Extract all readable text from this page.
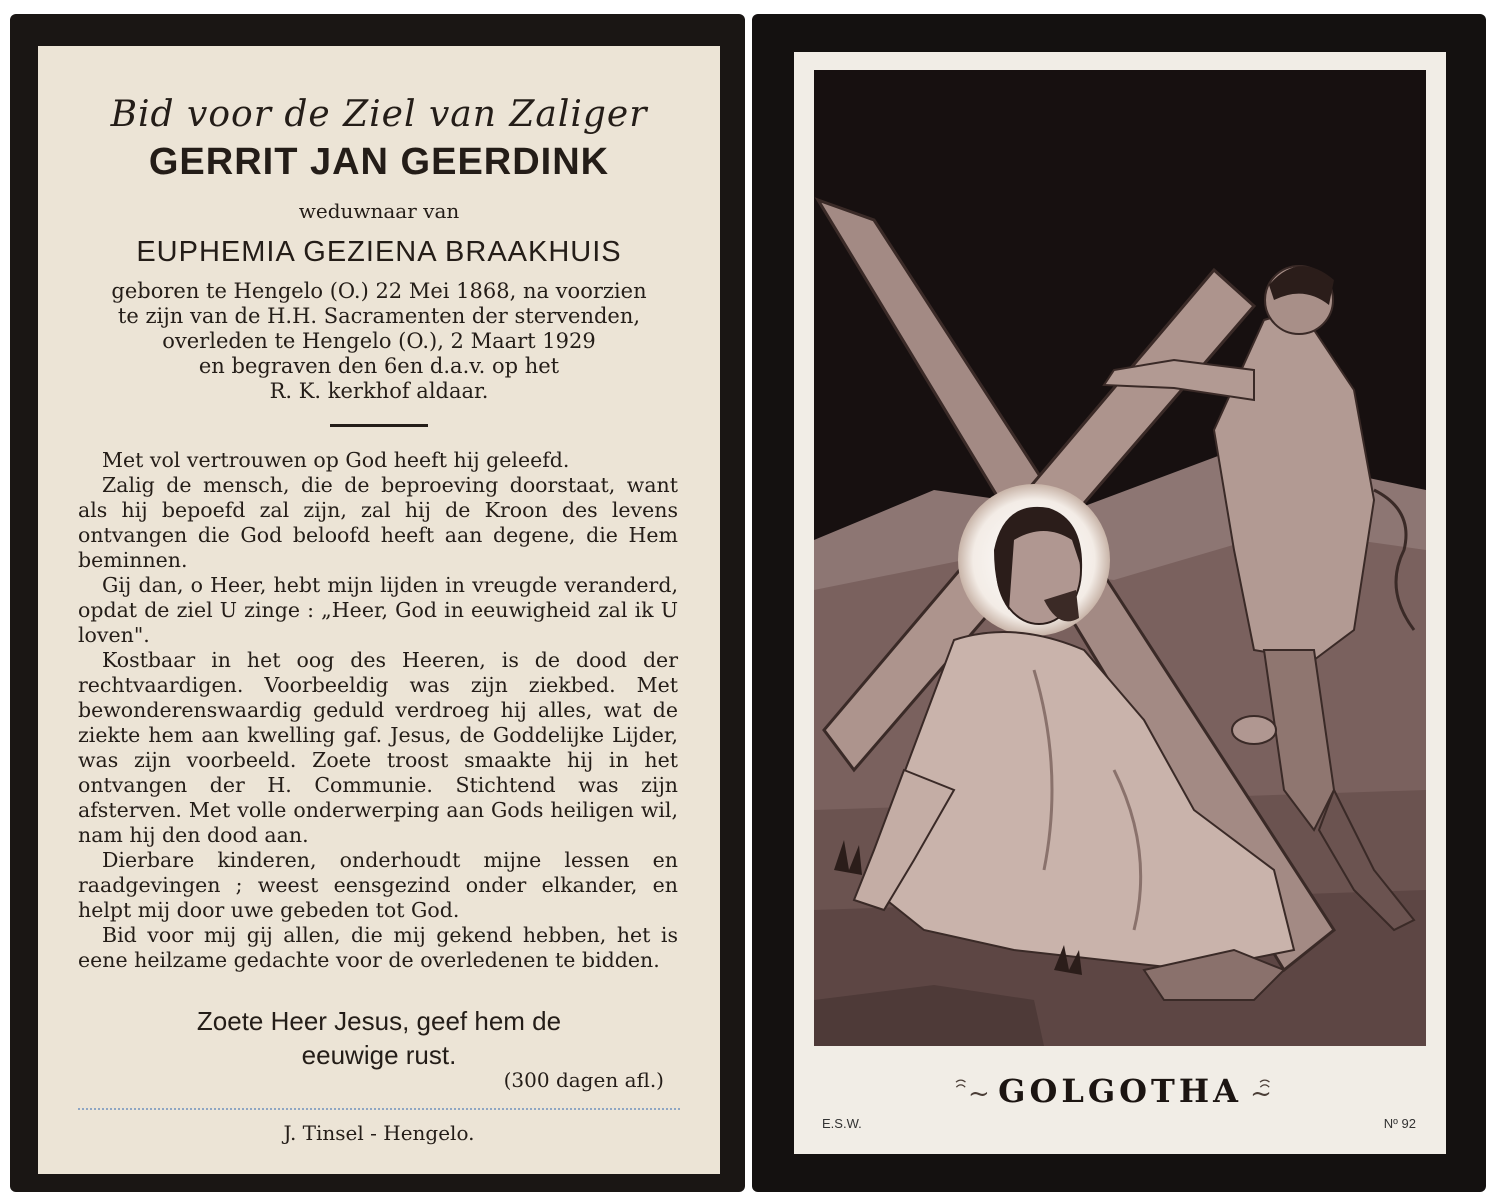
Bid voor de Ziel van Zaliger
GERRIT JAN GEERDINK
weduwnaar van
EUPHEMIA GEZIENA BRAAKHUIS
geboren te Hengelo (O.) 22 Mei 1868, na voorzien
te zijn van de H.H. Sacramenten der stervenden,
overleden te Hengelo (O.), 2 Maart 1929
en begraven den 6en d.a.v. op het
R. K. kerkhof aldaar.

Met vol vertrouwen op God heeft hij geleefd.

Zalig de mensch, die de beproeving doorstaat, want als hij bepoefd zal zijn, zal hij de Kroon des levens ontvangen die God beloofd heeft aan degene, die Hem beminnen.

Gij dan, o Heer, hebt mijn lijden in vreugde veranderd, opdat de ziel U zinge : „Heer, God in eeuwigheid zal ik U loven".

Kostbaar in het oog des Heeren, is de dood der rechtvaardigen. Voorbeeldig was zijn ziekbed. Met bewonderenswaardig geduld verdroeg hij alles, wat de ziekte hem aan kwelling gaf. Jesus, de Goddelijke Lijder, was zijn voorbeeld. Zoete troost smaakte hij in het ontvangen der H. Communie. Stichtend was zijn afsterven. Met volle onderwerping aan Gods heiligen wil, nam hij den dood aan.

Dierbare kinderen, onderhoudt mijne lessen en raadgevingen ; weest eensgezind onder elkander, en helpt mij door uwe gebeden tot God.

Bid voor mij gij allen, die mij gekend hebben, het is eene heilzame gedachte voor de overledenen te bidden.

Zoete Heer Jesus, geef hem de
eeuwige rust.
(300 dagen afl.)
J. Tinsel - Hengelo.
ꩰ~ GOLGOTHA ~ꩰ
E.S.W.	Nº 92
